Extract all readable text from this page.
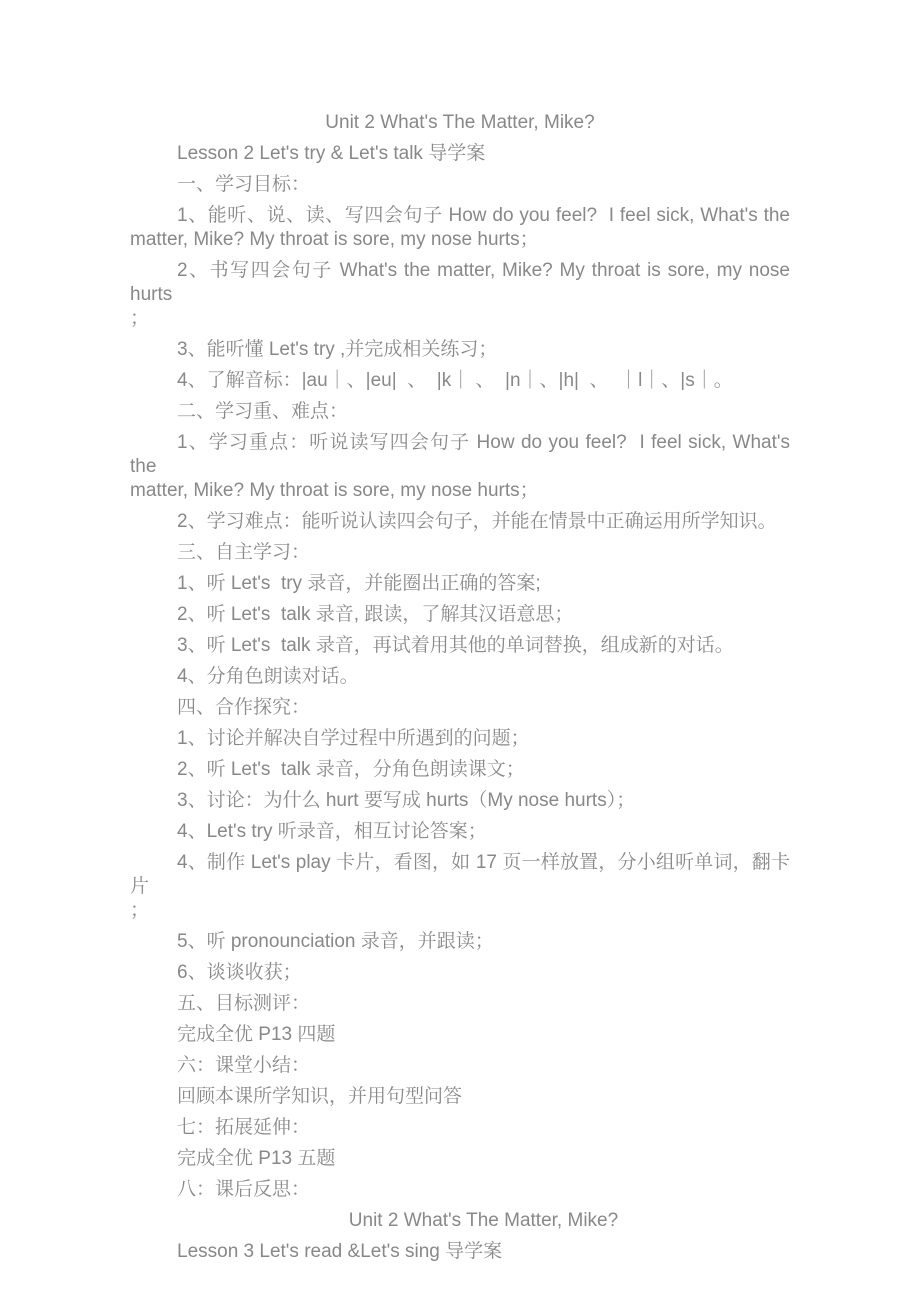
Unit 2 What's The Matter, Mike?
Lesson 2 Let's try & Let's talk 导学案
一、学习目标：
1、能听、说、读、写四会句子 How do you feel?  I feel sick, What's the
matter, Mike? My throat is sore, my nose hurts；
2、书写四会句子 What's the matter, Mike? My throat is sore, my nose hurts
；
3、能听懂 Let's try ,并完成相关练习；
4、了解音标：|au｜、|eu|  、  |k｜ 、  |n｜、|h|  、  ｜l｜、|s｜。
二、学习重、难点：
1、学习重点：听说读写四会句子 How do you feel?  I feel sick, What's the
matter, Mike? My throat is sore, my nose hurts；
2、学习难点：能听说认读四会句子，并能在情景中正确运用所学知识。
三、自主学习：
1、听 Let's  try 录音，并能圈出正确的答案;
2、听 Let's  talk 录音, 跟读，了解其汉语意思；
3、听 Let's  talk 录音，再试着用其他的单词替换，组成新的对话。
4、分角色朗读对话。
四、合作探究：
1、讨论并解决自学过程中所遇到的问题；
2、听 Let's  talk 录音，分角色朗读课文；
3、讨论：为什么 hurt 要写成 hurts（My nose hurts）；
4、Let's try 听录音，相互讨论答案；
4、制作 Let's play 卡片，看图，如 17 页一样放置，分小组听单词，翻卡片
；
5、听 pronounciation 录音，并跟读；
6、谈谈收获；
五、目标测评：
完成全优 P13 四题
六：课堂小结：
回顾本课所学知识，并用句型问答
七：拓展延伸：
完成全优 P13 五题
八：课后反思：
Unit 2 What's The Matter, Mike?
Lesson 3 Let's read &Let's sing 导学案
